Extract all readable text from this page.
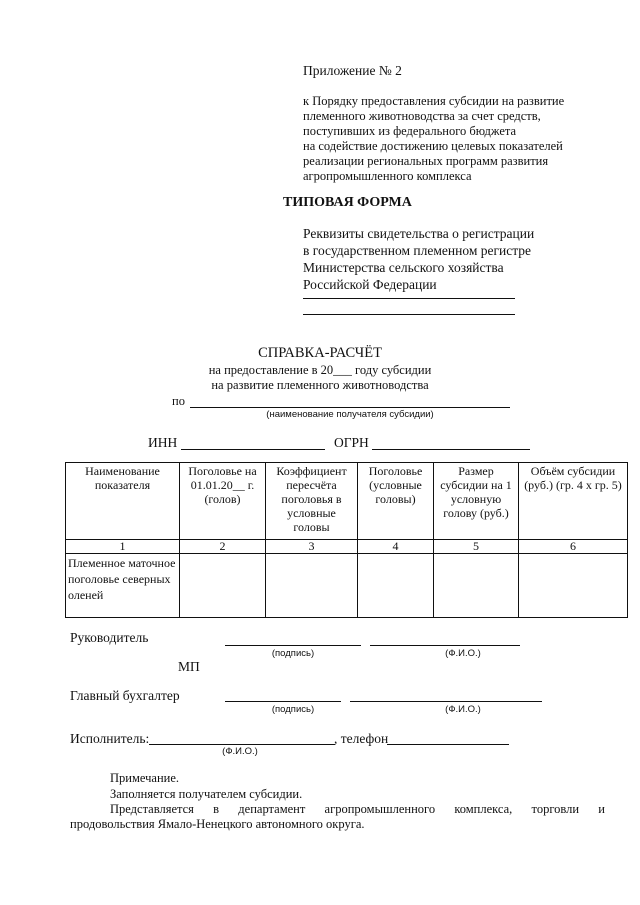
Приложение № 2
к Порядку предоставления субсидии на развитие
племенного животноводства за счет средств,
поступивших из федерального бюджета
на содействие достижению целевых показателей
реализации региональных программ развития
агропромышленного комплекса
ТИПОВАЯ ФОРМА
Реквизиты свидетельства о регистрации
в государственном племенном регистре
Министерства сельского хозяйства
Российской Федерации
СПРАВКА-РАСЧЁТ
на предоставление в 20___ году субсидии
на развитие племенного животноводства
по
(наименование получателя субсидии)
ИНН	ОГРН
Наименование показателя	Поголовье на 01.01.20__ г. (голов)	Коэффициент пересчёта поголовья в условные головы	Поголовье (условные головы)	Размер субсидии на 1 условную голову (руб.)	Объём субсидии (руб.) (гр. 4 x гр. 5)
1	2	3	4	5	6
Племенное маточное поголовье северных оленей					
Руководитель
(подпись)	(Ф.И.О.)
МП
Главный бухгалтер
(подпись)	(Ф.И.О.)
Исполнитель:	, телефон
(Ф.И.О.)
Примечание.
Заполняется получателем субсидии.
Представляется в департамент агропромышленного комплекса, торговли и
продовольствия Ямало-Ненецкого автономного округа.
